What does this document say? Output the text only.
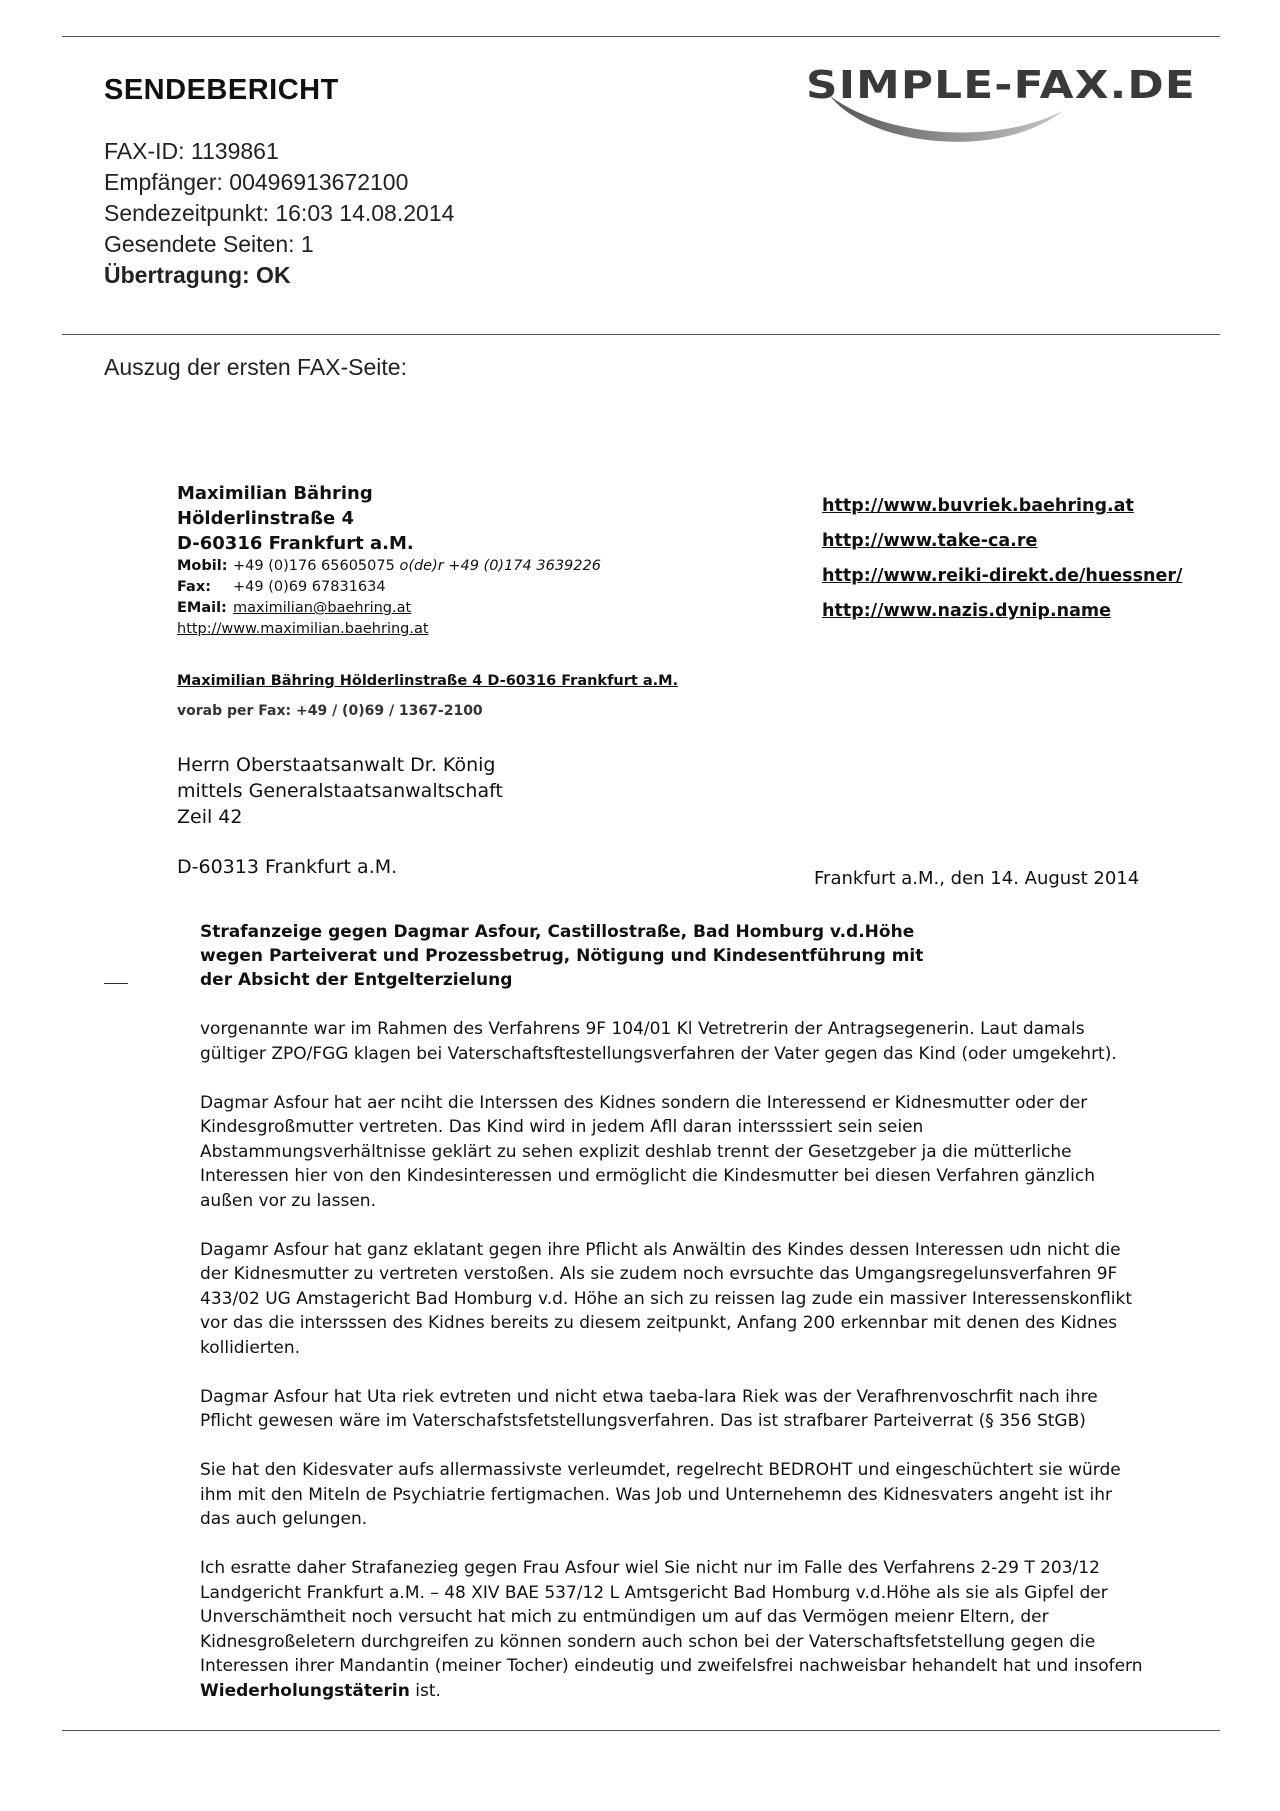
SENDEBERICHT	SIMPLE-FAX.DE
FAX-ID: 1139861
Empfänger: 00496913672100
Sendezeitpunkt: 16:03 14.08.2014
Gesendete Seiten: 1
Übertragung: OK
Auszug der ersten FAX-Seite:
Maximilian Bähring
Hölderlinstraße 4
D-60316 Frankfurt a.M.
Mobil: +49 (0)176 65605075 o(de)r +49 (0)174 3639226
Fax: +49 (0)69 67831634
EMail: maximilian@baehring.at
http://www.maximilian.baehring.at
http://www.buvriek.baehring.at
http://www.take-ca.re
http://www.reiki-direkt.de/huessner/
http://www.nazis.dynip.name
Maximilian Bähring Hölderlinstraße 4 D-60316 Frankfurt a.M.
vorab per Fax: +49 / (0)69 / 1367-2100
Herrn Oberstaatsanwalt Dr. König
mittels Generalstaatsanwaltschaft
Zeil 42
D-60313 Frankfurt a.M.
Frankfurt a.M., den 14. August 2014
Strafanzeige gegen Dagmar Asfour, Castillostraße, Bad Homburg v.d.Höhe
wegen Parteiverat und Prozessbetrug, Nötigung und Kindesentführung mit
der Absicht der Entgelterzielung

vorgenannte war im Rahmen des Verfahrens 9F 104/01 Kl Vetretrerin der Antragsegenerin. Laut damals gültiger ZPO/FGG klagen bei Vaterschaftsftestellungsverfahren der Vater gegen das Kind (oder umgekehrt).

Dagmar Asfour hat aer nciht die Interssen des Kidnes sondern die Interessend er Kidnesmutter oder der Kindesgroßmutter vertreten. Das Kind wird in jedem Afll daran intersssiert sein seien Abstammungsverhältnisse geklärt zu sehen explizit deshlab trennt der Gesetzgeber ja die mütterliche Interessen hier von den Kindesinteressen und ermöglicht die Kindesmutter bei diesen Verfahren gänzlich außen vor zu lassen.

Dagamr Asfour hat ganz eklatant gegen ihre Pflicht als Anwältin des Kindes dessen Interessen udn nicht die der Kidnesmutter zu vertreten verstoßen. Als sie zudem noch evrsuchte das Umgangsregelunsverfahren 9F 433/02 UG Amstagericht Bad Homburg v.d. Höhe an sich zu reissen lag zude ein massiver Interessenskonflikt vor das die intersssen des Kidnes bereits zu diesem zeitpunkt, Anfang 200 erkennbar mit denen des Kidnes kollidierten.

Dagmar Asfour hat Uta riek evtreten und nicht etwa taeba-lara Riek was der Verafhrenvoschrfit nach ihre Pflicht gewesen wäre im Vaterschafstsfetstellungsverfahren. Das ist strafbarer Parteiverrat (§ 356 StGB)

Sie hat den Kidesvater aufs allermassivste verleumdet, regelrecht BEDROHT und eingeschüchtert sie würde ihm mit den Miteln de Psychiatrie fertigmachen. Was Job und Unternehemn des Kidnesvaters angeht ist ihr das auch gelungen.

Ich esratte daher Strafanezieg gegen Frau Asfour wiel Sie nicht nur im Falle des Verfahrens 2-29 T 203/12 Landgericht Frankfurt a.M. – 48 XIV BAE 537/12 L Amtsgericht Bad Homburg v.d.Höhe als sie als Gipfel der Unverschämtheit noch versucht hat mich zu entmündigen um auf das Vermögen meienr Eltern, der Kidnesgroßeletern durchgreifen zu können sondern auch schon bei der Vaterschaftsfetstellung gegen die Interessen ihrer Mandantin (meiner Tocher) eindeutig und zweifelsfrei nachweisbar hehandelt hat und insofern Wiederholungstäterin ist.
